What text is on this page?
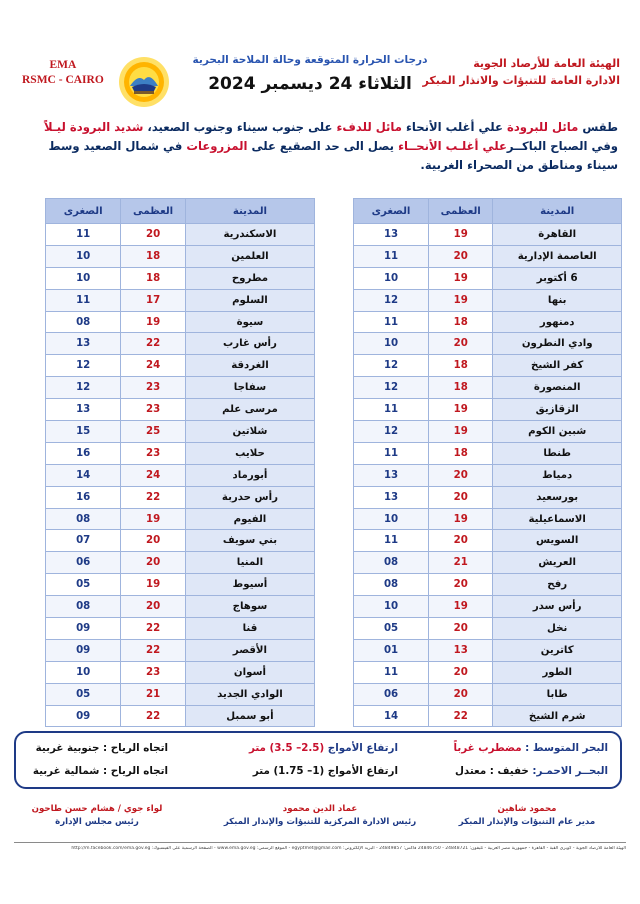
الهيئة العامة للأرصاد الجوية
الادارة العامة للتنبؤات والانذار المبكر
EMA
RSMC - CAIRO
درجات الحرارة المتوقعة وحالة الملاحة البحرية
الثلاثاء 24 ديسمبر 2024
طقس مائل للبرودة علي أغلب الأنحاء مائل للدفء على جنوب سيناء وجنوب الصعيد، شديد البرودة ليـلاً وفي الصباح الباكــرعلي أغلـب الأنحــاء يصل الى حد الصقيع على المزروعات في شمال الصعيد وسط سيناء ومناطق من الصحراء الغربية.
المدينة	العظمى	الصغرى
القاهرة	19	13
العاصمة الإدارية	20	11
6 أكتوبر	19	10
بنها	19	12
دمنهور	18	11
وادي النطرون	20	10
كفر الشيخ	18	12
المنصورة	18	12
الزقازيق	19	11
شبين الكوم	19	12
طنطا	18	11
دمياط	20	13
بورسعيد	20	13
الاسماعيلية	19	10
السويس	20	11
العريش	21	08
رفح	20	08
رأس سدر	19	10
نخل	20	05
كاترين	13	01
الطور	20	11
طابا	20	06
شرم الشيخ	22	14
المدينة	العظمى	الصغرى
الاسكندرية	20	11
العلمين	18	10
مطروح	18	10
السلوم	17	11
سيوة	19	08
رأس غارب	22	13
الغردقة	24	12
سفاجا	23	12
مرسى علم	23	13
شلاتين	25	15
حلايب	23	16
أبورماد	24	14
رأس حدربة	22	16
الفيوم	19	08
بني سويف	20	07
المنيا	20	06
أسيوط	19	05
سوهاج	20	08
قنا	22	09
الأقصر	22	09
أسوان	23	10
الوادي الجديد	21	05
أبو سمبل	22	09
البحر المتوسط : مضطرب غرباً
ارتفاع الأمواج (2.5– 3.5) متر
اتجاه الرياح : جنوبية غربية
البحــر الاحمـر: خفيف : معتدل
ارتفاع الأمواج (1– 1.75) متر
اتجاه الرياح : شمالية غربية
محمود شاهين
مدير عام التنبؤات والإنذار المبكر
عماد الدين محمود
رئيس الادارة المركزية للتنبؤات والإنذار المبكر
لواء جوي / هشام حسن طاحون
رئيس مجلس الإدارة
الهيئة العامة للأرصاد الجوية - كوبري القبة - القاهرة - جمهورية مصر العربية - تليفون: 24848721 - 24846750 فاكس: 24849857 - البريد الإلكتروني: egyptmet@gmail.com - الموقع الرسمي: www.ema.gov.eg - الصفحة الرسمية على الفيسبوك: http://m.facebook.com/ema.gov.eg
